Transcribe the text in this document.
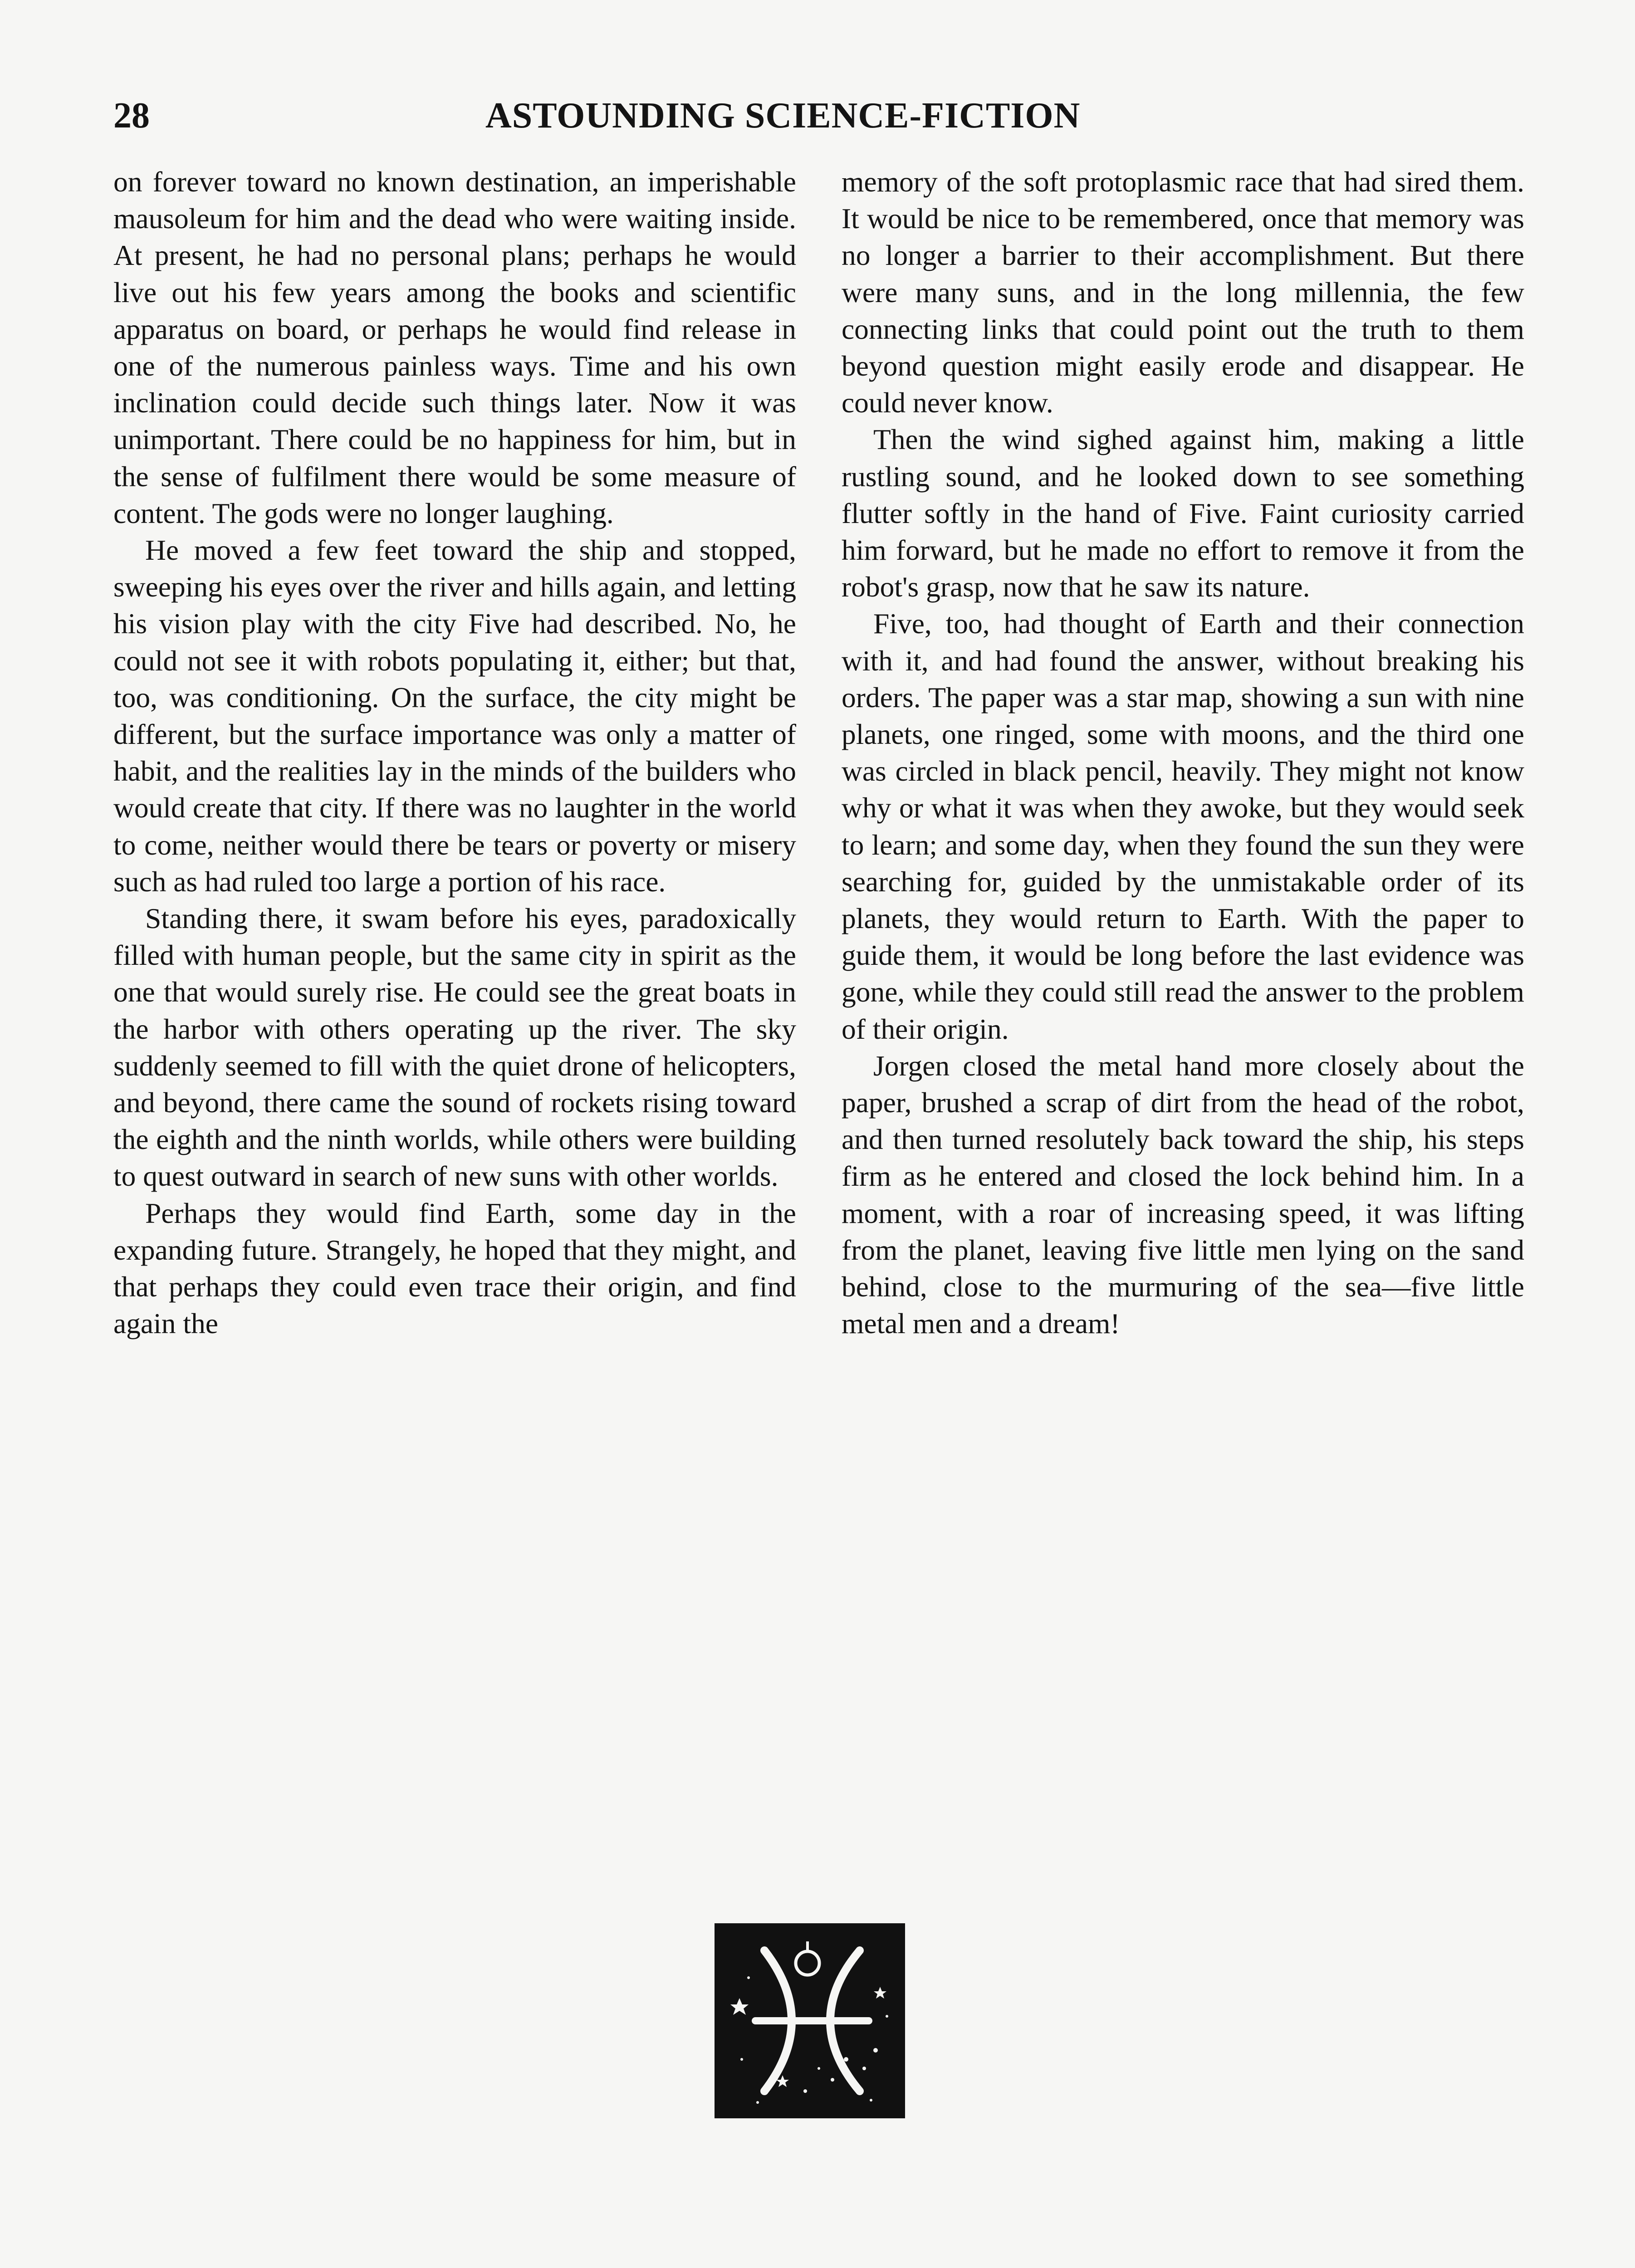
28	ASTOUNDING SCIENCE-FICTION

on forever toward no known destination, an imperishable mausoleum for him and the dead who were waiting inside. At present, he had no personal plans; perhaps he would live out his few years among the books and scientific apparatus on board, or perhaps he would find release in one of the numerous painless ways. Time and his own inclination could decide such things later. Now it was unimportant. There could be no happiness for him, but in the sense of fulfilment there would be some measure of content. The gods were no longer laughing.

He moved a few feet toward the ship and stopped, sweeping his eyes over the river and hills again, and letting his vision play with the city Five had described. No, he could not see it with robots populating it, either; but that, too, was conditioning. On the surface, the city might be different, but the surface importance was only a matter of habit, and the realities lay in the minds of the builders who would create that city. If there was no laughter in the world to come, neither would there be tears or poverty or misery such as had ruled too large a portion of his race.

Standing there, it swam before his eyes, paradoxically filled with human people, but the same city in spirit as the one that would surely rise. He could see the great boats in the harbor with others operating up the river. The sky suddenly seemed to fill with the quiet drone of helicopters, and beyond, there came the sound of rockets rising toward the eighth and the ninth worlds, while others were building to quest outward in search of new suns with other worlds.

Perhaps they would find Earth, some day in the expanding future. Strangely, he hoped that they might, and that perhaps they could even trace their origin, and find again the

memory of the soft protoplasmic race that had sired them. It would be nice to be remembered, once that memory was no longer a barrier to their accomplishment. But there were many suns, and in the long millennia, the few connecting links that could point out the truth to them beyond question might easily erode and disappear. He could never know.

Then the wind sighed against him, making a little rustling sound, and he looked down to see something flutter softly in the hand of Five. Faint curiosity carried him forward, but he made no effort to remove it from the robot's grasp, now that he saw its nature.

Five, too, had thought of Earth and their connection with it, and had found the answer, without breaking his orders. The paper was a star map, showing a sun with nine planets, one ringed, some with moons, and the third one was circled in black pencil, heavily. They might not know why or what it was when they awoke, but they would seek to learn; and some day, when they found the sun they were searching for, guided by the unmistakable order of its planets, they would return to Earth. With the paper to guide them, it would be long before the last evidence was gone, while they could still read the answer to the problem of their origin.

Jorgen closed the metal hand more closely about the paper, brushed a scrap of dirt from the head of the robot, and then turned resolutely back toward the ship, his steps firm as he entered and closed the lock behind him. In a moment, with a roar of increasing speed, it was lifting from the planet, leaving five little men lying on the sand behind, close to the murmuring of the sea—five little metal men and a dream!
